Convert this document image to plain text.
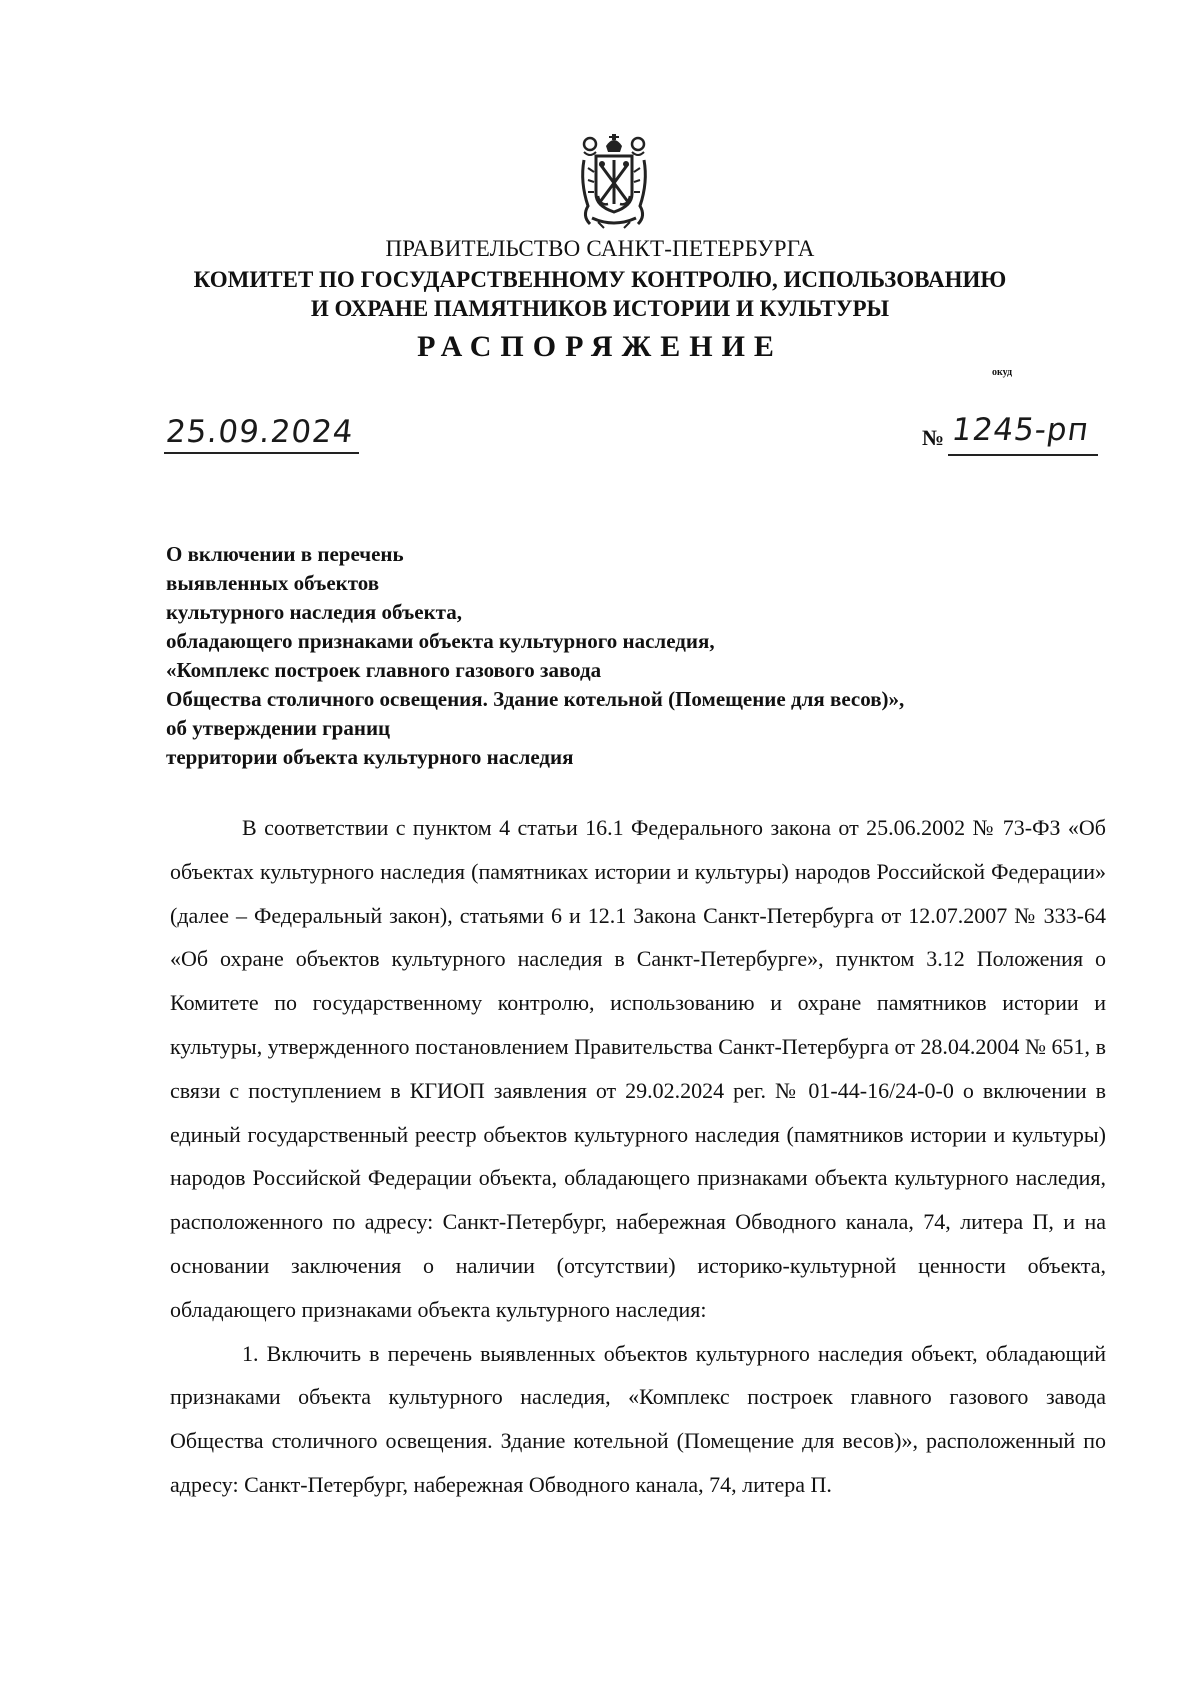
ПРАВИТЕЛЬСТВО САНКТ-ПЕТЕРБУРГА
КОМИТЕТ ПО ГОСУДАРСТВЕННОМУ КОНТРОЛЮ, ИСПОЛЬЗОВАНИЮ
И ОХРАНЕ ПАМЯТНИКОВ ИСТОРИИ И КУЛЬТУРЫ
РАСПОРЯЖЕНИЕ
окуд
25.09.2024	№ 1245-рп
О включении в перечень
выявленных объектов
культурного наследия объекта,
обладающего признаками объекта культурного наследия,
«Комплекс построек главного газового завода
Общества столичного освещения. Здание котельной (Помещение для весов)»,
об утверждении границ
территории объекта культурного наследия

В соответствии с пунктом 4 статьи 16.1 Федерального закона от 25.06.2002 № 73-ФЗ «Об объектах культурного наследия (памятниках истории и культуры) народов Российской Федерации» (далее – Федеральный закон), статьями 6 и 12.1 Закона Санкт-Петербурга от 12.07.2007 № 333-64 «Об охране объектов культурного наследия в Санкт-Петербурге», пунктом 3.12 Положения о Комитете по государственному контролю, использованию и охране памятников истории и культуры, утвержденного постановлением Правительства Санкт-Петербурга от 28.04.2004 № 651, в связи с поступлением в КГИОП заявления от 29.02.2024 рег. № 01-44-16/24-0-0 о включении в единый государственный реестр объектов культурного наследия (памятников истории и культуры) народов Российской Федерации объекта, обладающего признаками объекта культурного наследия, расположенного по адресу: Санкт-Петербург, набережная Обводного канала, 74, литера П, и на основании заключения о наличии (отсутствии) историко-культурной ценности объекта, обладающего признаками объекта культурного наследия:

1. Включить в перечень выявленных объектов культурного наследия объект, обладающий признаками объекта культурного наследия, «Комплекс построек главного газового завода Общества столичного освещения. Здание котельной (Помещение для весов)», расположенный по адресу: Санкт-Петербург, набережная Обводного канала, 74, литера П.
